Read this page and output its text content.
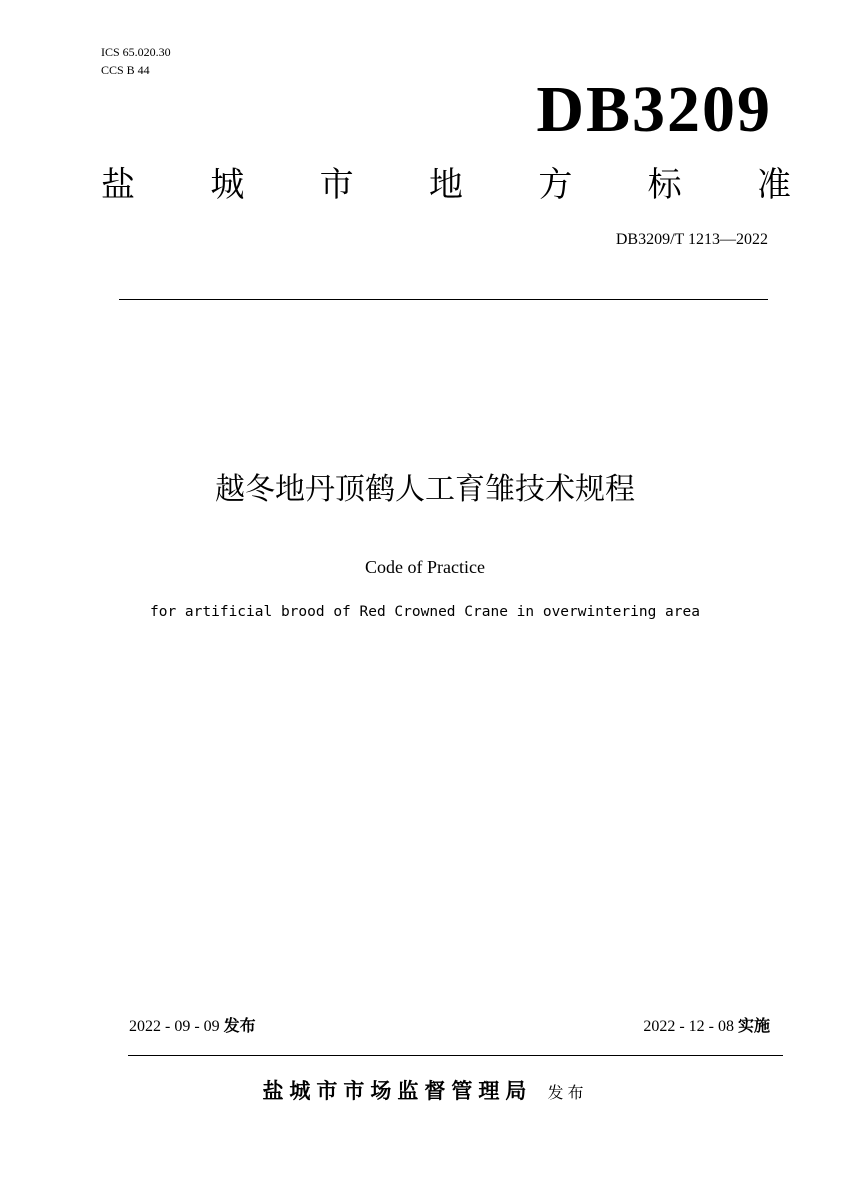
ICS 65.020.30
CCS B 44
DB3209
盐 城 市 地 方 标 准
DB3209/T 1213—2022
越冬地丹顶鹤人工育雏技术规程
Code of Practice
for artificial brood of Red Crowned Crane in overwintering area
2022 - 09 - 09 发布	2022 - 12 - 08 实施
盐城市市场监督管理局 发布
